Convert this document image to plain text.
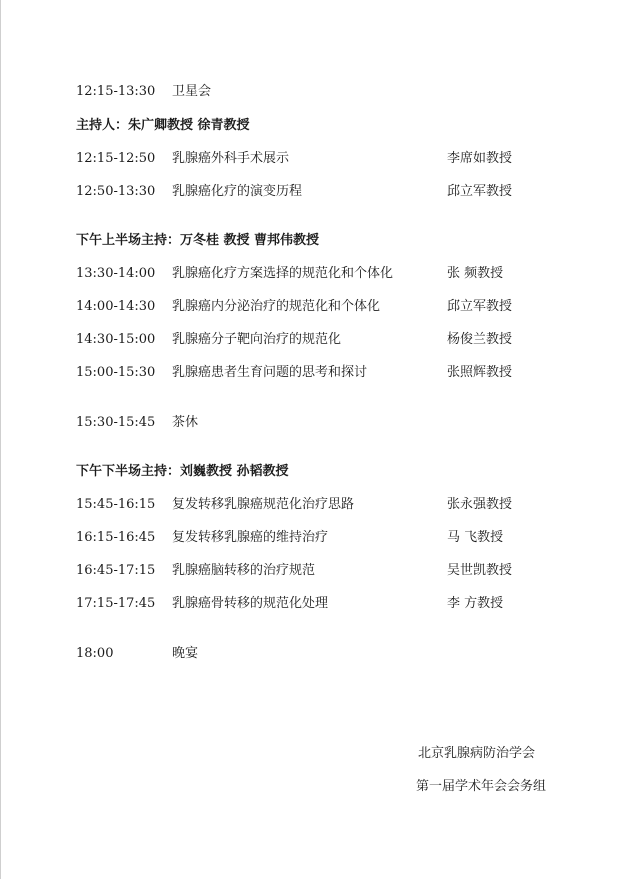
12:15-13:30 卫星会
主持人：朱广卿教授 徐青教授
12:15-12:50 乳腺癌外科手术展示	李席如教授
12:50-13:30 乳腺癌化疗的演变历程	邱立军教授
下午上半场主持：万冬桂 教授 曹邦伟教授
13:30-14:00 乳腺癌化疗方案选择的规范化和个体化	张 频教授
14:00-14:30 乳腺癌内分泌治疗的规范化和个体化	邱立军教授
14:30-15:00 乳腺癌分子靶向治疗的规范化	杨俊兰教授
15:00-15:30 乳腺癌患者生育问题的思考和探讨	张照辉教授
15:30-15:45 茶休
下午下半场主持：刘巍教授 孙韬教授
15:45-16:15 复发转移乳腺癌规范化治疗思路	张永强教授
16:15-16:45 复发转移乳腺癌的维持治疗	马 飞教授
16:45-17:15 乳腺癌脑转移的治疗规范	吴世凯教授
17:15-17:45 乳腺癌骨转移的规范化处理	李 方教授
18:00	晚宴
北京乳腺病防治学会
第一届学术年会会务组
